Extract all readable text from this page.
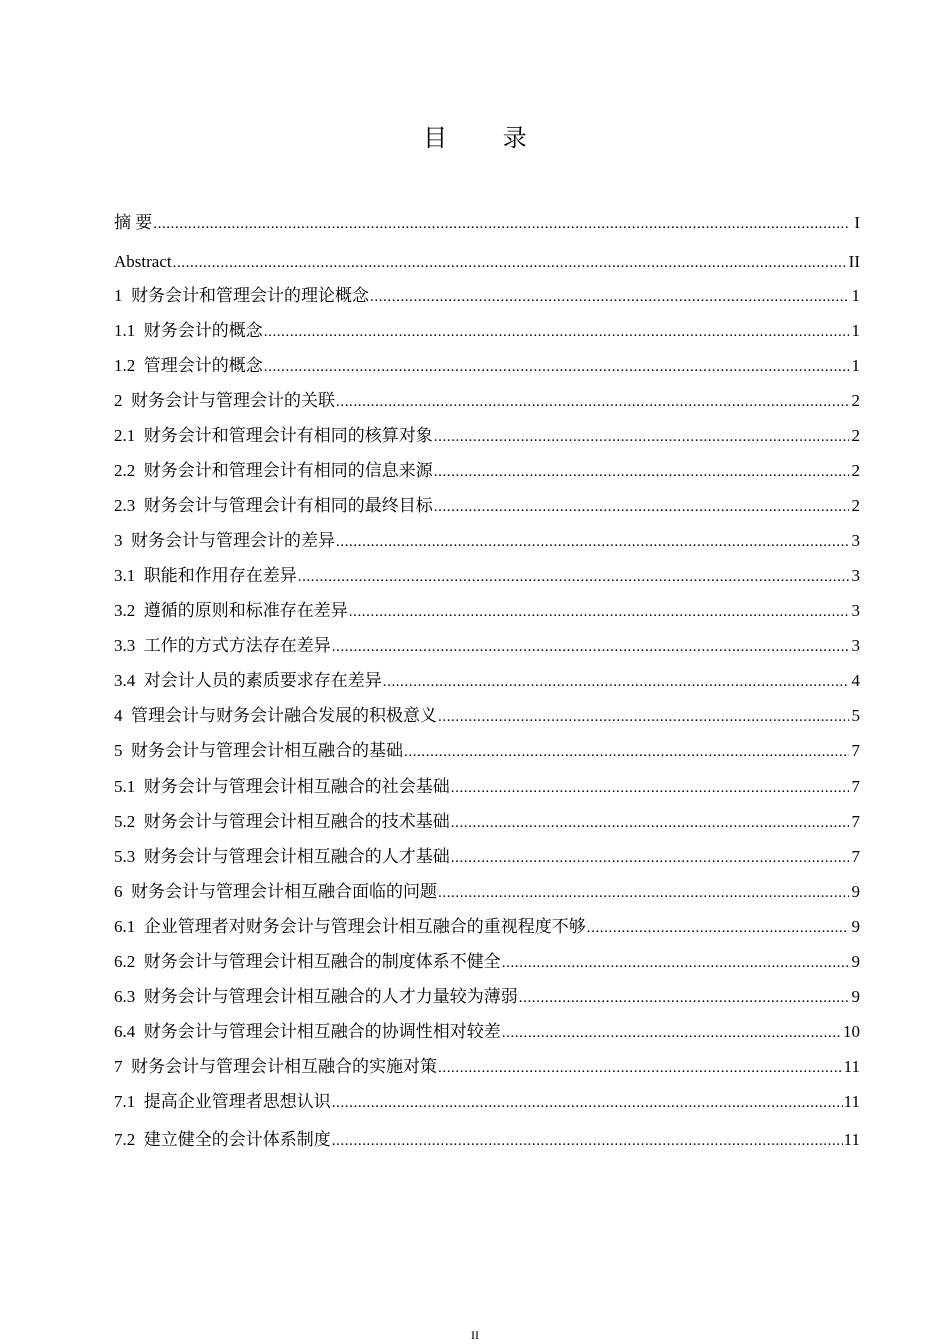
目 录
摘 要 .....	I
Abstract .....	II
1 财务会计和管理会计的理论概念 .....	1
1.1 财务会计的概念 .....	1
1.2 管理会计的概念 .....	1
2 财务会计与管理会计的关联 .....	2
2.1 财务会计和管理会计有相同的核算对象 .....	2
2.2 财务会计和管理会计有相同的信息来源 .....	2
2.3 财务会计与管理会计有相同的最终目标 .....	2
3 财务会计与管理会计的差异 .....	3
3.1 职能和作用存在差异 .....	3
3.2 遵循的原则和标准存在差异 .....	3
3.3 工作的方式方法存在差异 .....	3
3.4 对会计人员的素质要求存在差异 .....	4
4 管理会计与财务会计融合发展的积极意义 .....	5
5 财务会计与管理会计相互融合的基础 .....	7
5.1 财务会计与管理会计相互融合的社会基础 .....	7
5.2 财务会计与管理会计相互融合的技术基础 .....	7
5.3 财务会计与管理会计相互融合的人才基础 .....	7
6 财务会计与管理会计相互融合面临的问题 .....	9
6.1 企业管理者对财务会计与管理会计相互融合的重视程度不够 .....	9
6.2 财务会计与管理会计相互融合的制度体系不健全 .....	9
6.3 财务会计与管理会计相互融合的人才力量较为薄弱 .....	9
6.4 财务会计与管理会计相互融合的协调性相对较差 .....	10
7 财务会计与管理会计相互融合的实施对策 .....	11
7.1 提高企业管理者思想认识 .....	11
7.2 建立健全的会计体系制度 .....	11
II
